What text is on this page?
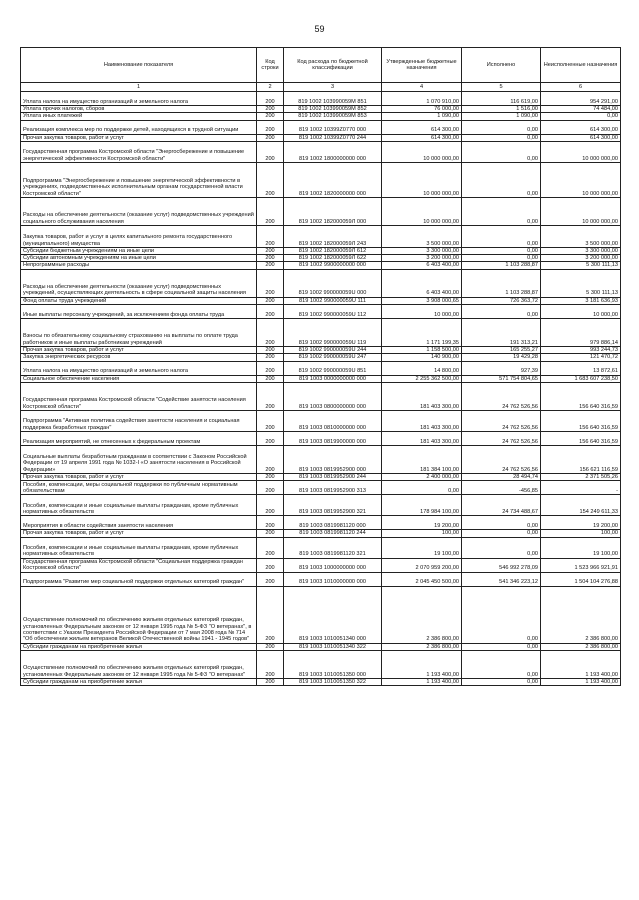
59
Наименование показателя	Код строки	Код расхода по бюджетной классификации	Утвержденные бюджетные назначения	Исполнено	Неисполненные назначения
1	2	3	4	5	6
Уплата налога на имущество организаций и земельного налога	200	819 1002 103990059M 851	1 070 910,00	116 619,00	954 291,00
Уплата прочих налогов, сборов	200	819 1002 103990059M 852	76 000,00	1 516,00	74 484,00
Уплата иных платежей	200	819 1002 103990059M 853	1 090,00	1 090,00	0,00
Реализация комплекса мер по поддержке детей, находящихся в трудной ситуации	200	819 1002 10399Z0770 000	614 300,00	0,00	614 300,00
Прочая закупка товаров, работ и услуг	200	819 1002 10399Z0770 244	614 300,00	0,00	614 300,00
Государственная программа Костромской области "Энергосбережение и повышение энергетической эффективности Костромской области"	200	819 1002 1800000000 000	10 000 000,00	0,00	10 000 000,00
Подпрограмма "Энергосбережение и повышение энергетической эффективности в учреждениях, подведомственных исполнительным органам государственной власти Костромской области"	200	819 1002 1820000000 000	10 000 000,00	0,00	10 000 000,00
Расходы на обеспечение деятельности (оказание услуг) подведомственных учреждений социального обслуживания населения	200	819 1002 182000059Л 000	10 000 000,00	0,00	10 000 000,00
Закупка товаров, работ и услуг в целях капитального ремонта государственного (муниципального) имущества	200	819 1002 182000059Л 243	3 500 000,00	0,00	3 500 000,00
Субсидии бюджетным учреждениям на иные цели	200	819 1002 182000059Л 612	3 300 000,00	0,00	3 300 000,00
Субсидии автономным учреждениям на иные цели	200	819 1002 182000059Л 622	3 200 000,00	0,00	3 200 000,00
Непрограммные расходы	200	819 1002 9900000000 000	6 403 400,00	1 103 288,87	5 300 111,13
Расходы на обеспечение деятельности (оказание услуг) подведомственных учреждений, осуществляющих деятельность в сфере социальной защиты населения	200	819 1002 990000059U 000	6 403 400,00	1 103 288,87	5 300 111,13
Фонд оплаты труда учреждений	200	819 1002 990000059U 111	3 908 000,65	726 363,72	3 181 636,93
Иные выплаты персоналу учреждений, за исключением фонда оплаты труда	200	819 1002 990000059U 112	10 000,00	0,00	10 000,00
Взносы по обязательному социальному страхованию на выплаты по оплате труда работников и иные выплаты работникам учреждений	200	819 1002 990000059U 119	1 171 199,35	191 313,21	979 886,14
Прочая закупка товаров, работ и услуг	200	819 1002 990000059U 244	1 158 500,00	165 255,27	993 244,73
Закупка энергетических ресурсов	200	819 1002 990000059U 247	140 900,00	19 429,28	121 470,72
Уплата налога на имущество организаций и земельного налога	200	819 1002 990000059U 851	14 800,00	927,39	13 872,61
Социальное обеспечение населения	200	819 1003 0000000000 000	2 255 362 500,00	571 754 804,65	1 683 607 238,50
Государственная программа Костромской области "Содействие занятости населения Костромской области"	200	819 1003 0800000000 000	181 403 300,00	24 762 526,56	156 640 316,59
Подпрограмма "Активная политика содействия занятости населения и социальная поддержка безработных граждан"	200	819 1003 0810000000 000	181 403 300,00	24 762 526,56	156 640 316,59
Реализация мероприятий, не отнесенных к федеральным проектам	200	819 1003 0819900000 000	181 403 300,00	24 762 526,56	156 640 316,59
Социальные выплаты безработным гражданам в соответствии с Законом Российской Федерации от 19 апреля 1991 года № 1032-I «О занятости населения в Российской Федерации»	200	819 1003 0819952900 000	181 384 100,00	24 762 526,56	156 621 116,59
Прочая закупка товаров, работ и услуг	200	819 1003 0819952900 244	2 400 000,00	28 494,74	2 371 505,26
Пособия, компенсации, меры социальной поддержки по публичным нормативным обязательствам	200	819 1003 0819952900 313	0,00	-456,85	-
Пособия, компенсации и иные социальные выплаты гражданам, кроме публичных нормативных обязательств	200	819 1003 0819952900 321	178 984 100,00	24 734 488,67	154 249 611,33
Мероприятия в области содействия занятости населения	200	819 1003 0819981120 000	19 200,00	0,00	19 200,00
Прочая закупка товаров, работ и услуг	200	819 1003 0819981120 244	100,00	0,00	100,00
Пособия, компенсации и иные социальные выплаты гражданам, кроме публичных нормативных обязательств	200	819 1003 0819981120 321	19 100,00	0,00	19 100,00
Государственная программа Костромской области "Социальная поддержка граждан Костромской области"	200	819 1003 1000000000 000	2 070 959 200,00	546 992 278,09	1 523 966 921,91
Подпрограмма "Развитие мер социальной поддержки отдельных категорий граждан"	200	819 1003 1010000000 000	2 045 450 500,00	541 346 223,12	1 504 104 276,88
Осуществление полномочий по обеспечению жильем отдельных категорий граждан, установленных Федеральным законом от 12 января 1995 года № 5-ФЗ "О ветеранах", в соответствии с Указом Президента Российской Федерации от 7 мая 2008 года № 714 "Об обеспечении жильем ветеранов Великой Отечественной войны 1941 - 1945 годов"	200	819 1003 1010051340 000	2 386 800,00	0,00	2 386 800,00
Субсидии гражданам на приобретение жилья	200	819 1003 1010051340 322	2 386 800,00	0,00	2 386 800,00
Осуществление полномочий по обеспечению жильем отдельных категорий граждан, установленных Федеральным законом от 12 января 1995 года № 5-ФЗ "О ветеранах"	200	819 1003 1010051350 000	1 193 400,00	0,00	1 193 400,00
Субсидии гражданам на приобретение жилья	200	819 1003 1010051350 322	1 193 400,00	0,00	1 193 400,00
